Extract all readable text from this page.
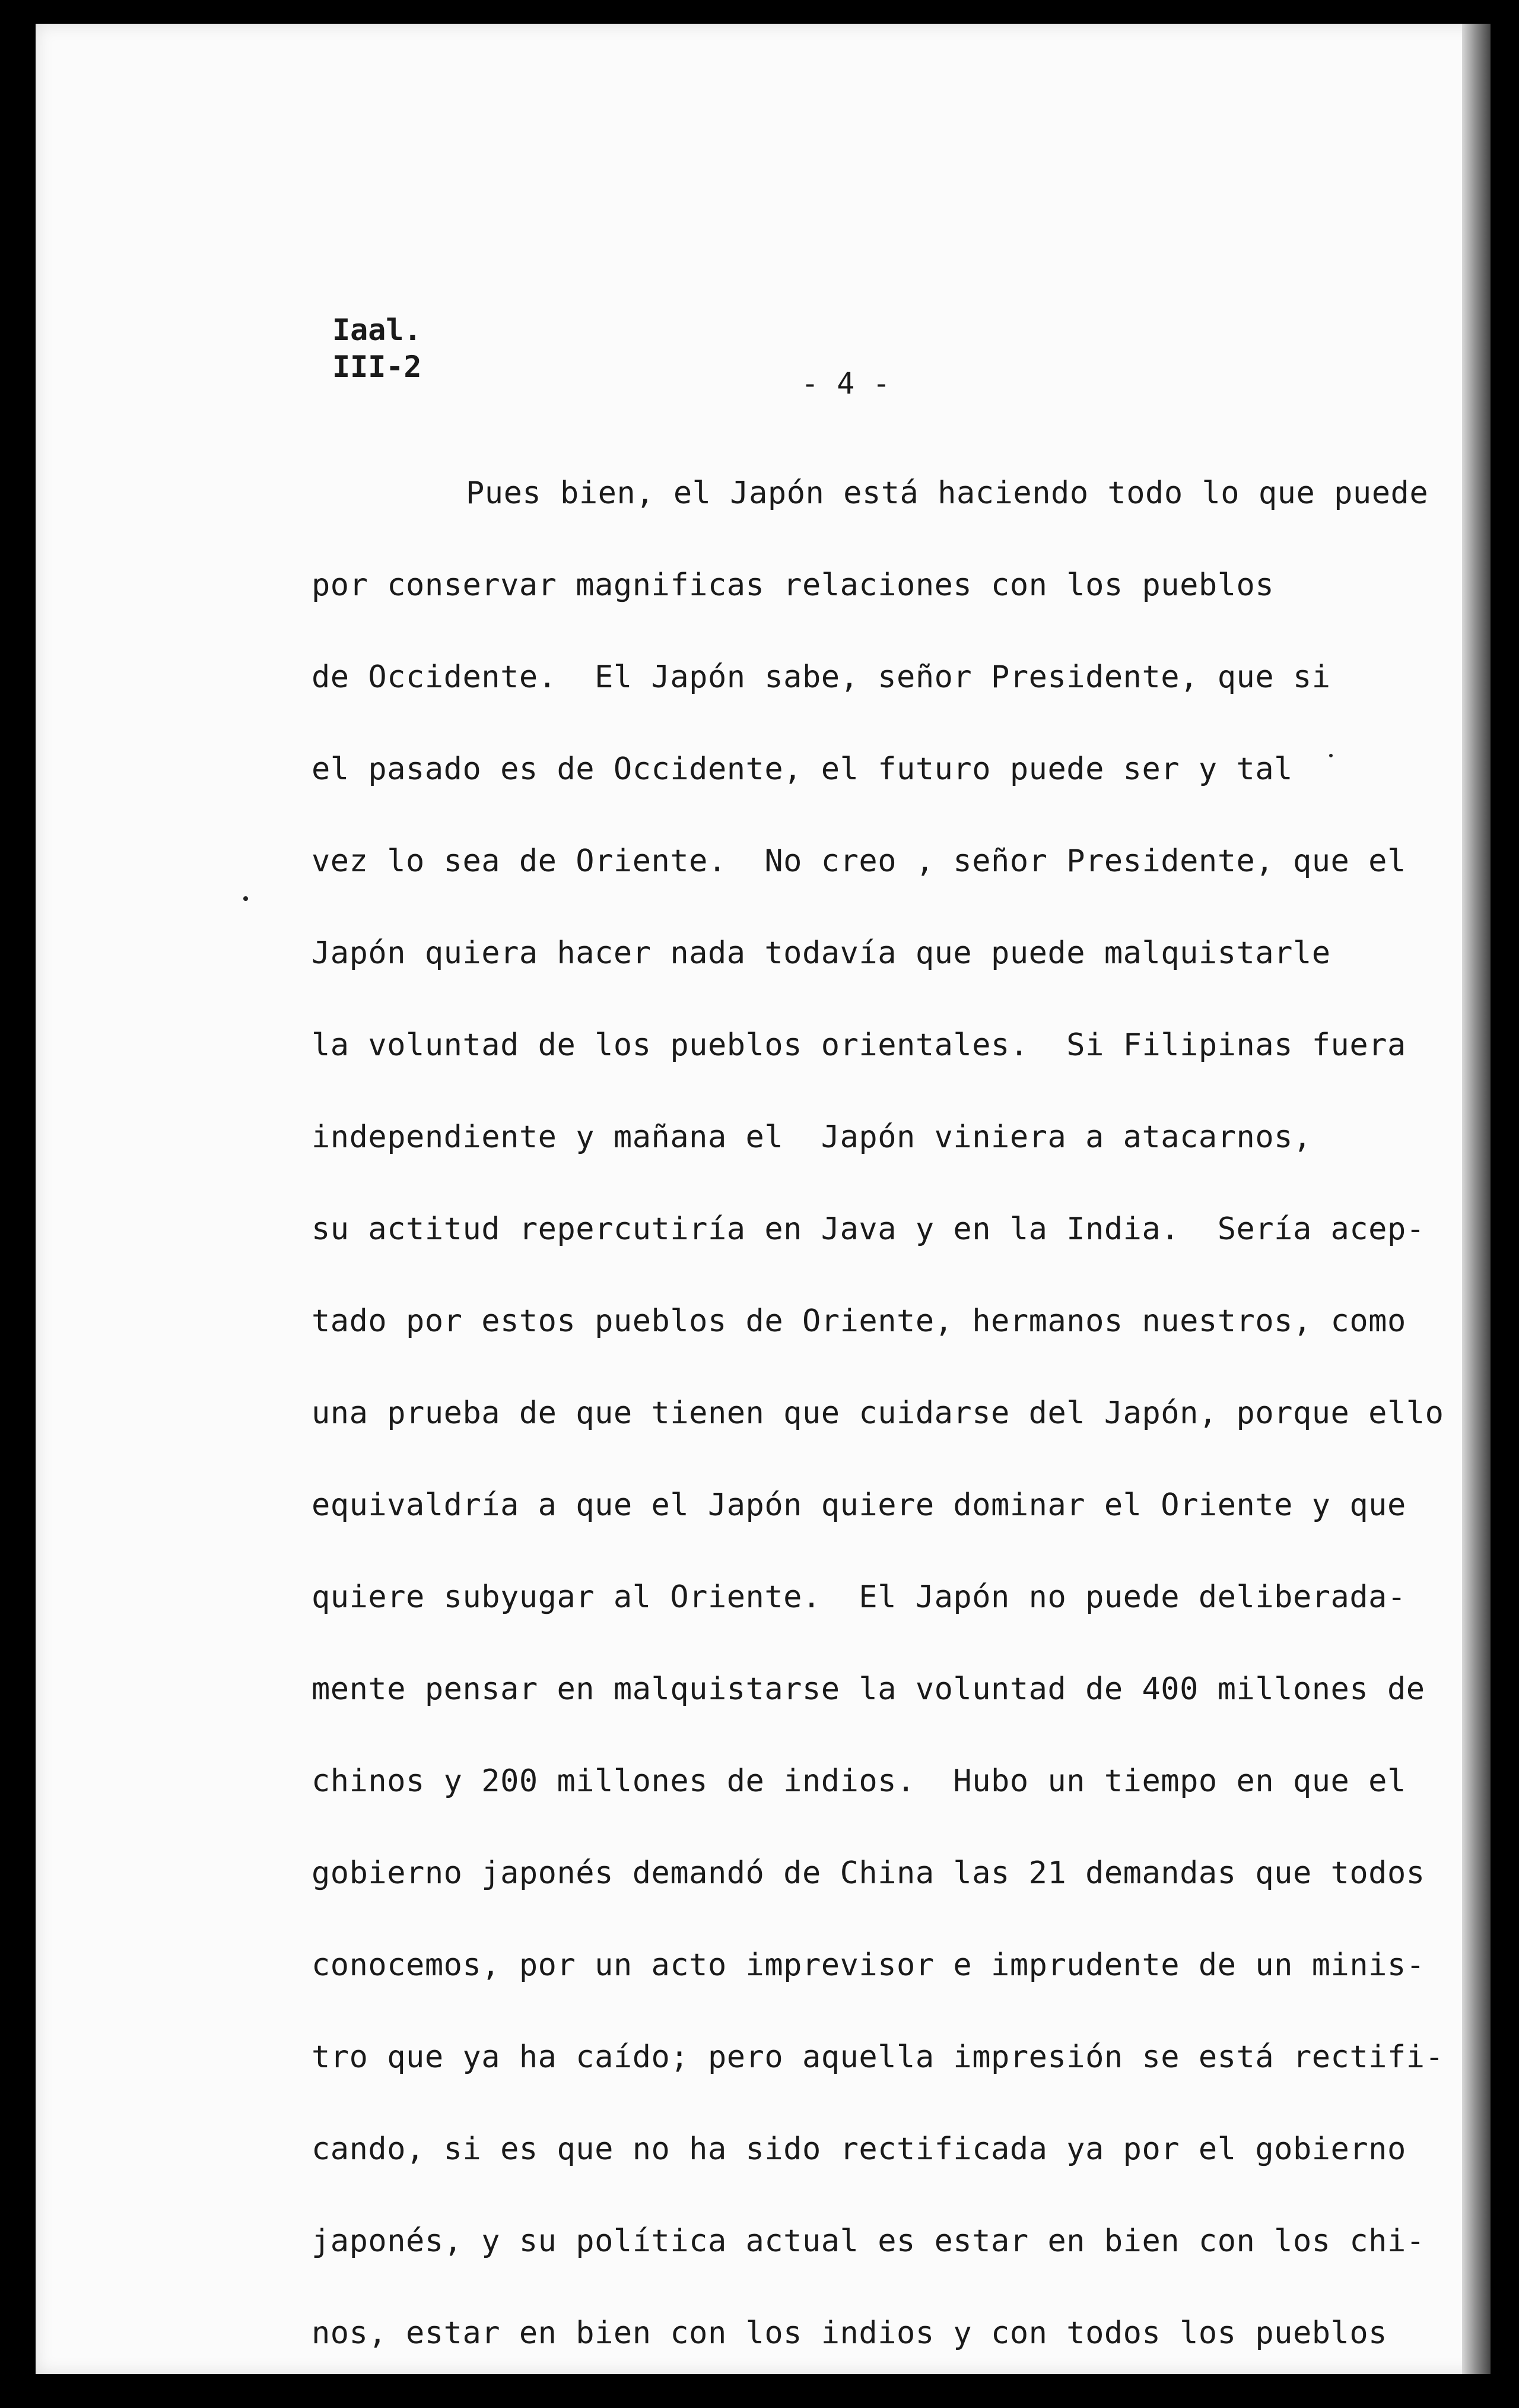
Iaal.
III-2	- 4 -
Pues bien, el Japón está haciendo todo lo que puede
por conservar magnificas relaciones con los pueblos
de Occidente.  El Japón sabe, señor Presidente, que si
el pasado es de Occidente, el futuro puede ser y tal
vez lo sea de Oriente.  No creo , señor Presidente, que el
Japón quiera hacer nada todavía que puede malquistarle
la voluntad de los pueblos orientales.  Si Filipinas fuera
independiente y mañana el  Japón viniera a atacarnos,
su actitud repercutiría en Java y en la India.  Sería acep-
tado por estos pueblos de Oriente, hermanos nuestros, como
una prueba de que tienen que cuidarse del Japón, porque ello
equivaldría a que el Japón quiere dominar el Oriente y que
quiere subyugar al Oriente.  El Japón no puede deliberada-
mente pensar en malquistarse la voluntad de 400 millones de
chinos y 200 millones de indios.  Hubo un tiempo en que el
gobierno japonés demandó de China las 21 demandas que todos
conocemos, por un acto imprevisor e imprudente de un minis-
tro que ya ha caído; pero aquella impresión se está rectifi-
cando, si es que no ha sido rectificada ya por el gobierno
japonés, y su política actual es estar en bien con los chi-
nos, estar en bien con los indios y con todos los pueblos
